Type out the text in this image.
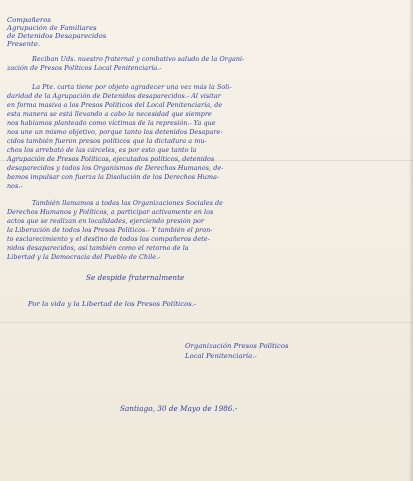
Compañeros
Agrupación de Familiares
de Detenidos Desaparecidos
Presente.
Reciban Uds. nuestro fraternal y combativo saludo de la Organi-
zación de Presos Políticos Local Penitenciaría.-
La Pte. carta tiene por objeto agradecer una vez más la Soli-
daridad de la Agrupación de Detenidos desaparecidos.- Al visitar
en forma masiva a los Presos Políticos del Local Penitenciaría, de
esta manera se está llevando a cabo la necesidad que siempre
nos habíamos planteado como víctimas de la represión.- Ya que
nos une un mismo objetivo, porque tanto los detenidos Desapare-
cidos también fueron presos políticos que la dictadura a mu-
chos los arrebató de las cárceles, es por esto que tanto la
Agrupación de Presos Políticos, ejecutados políticos, detenidos
desaparecidos y todos los Organismos de Derechos Humanos, de-
bemos impulsar con fuerza la Disolución de los Derechos Huma-
nos.-
También llamamos a todas las Organizaciones Sociales de
Derechos Humanos y Políticos, a participar activamente en los
actos que se realizan en localidades, ejerciendo presión por
la Liberación de todos los Presos Políticos.- Y también el pron-
to esclarecimiento y el destino de todos los compañeros dete-
nidos desaparecidos, así también como el retorno de la
Libertad y la Democracia del Pueblo de Chile.-
Se despide fraternalmente
Por la vida y la Libertad de los Presos Políticos.-
Organización Presos Políticos
Local Penitenciaría.-
Santiago, 30 de Mayo de 1986.-
